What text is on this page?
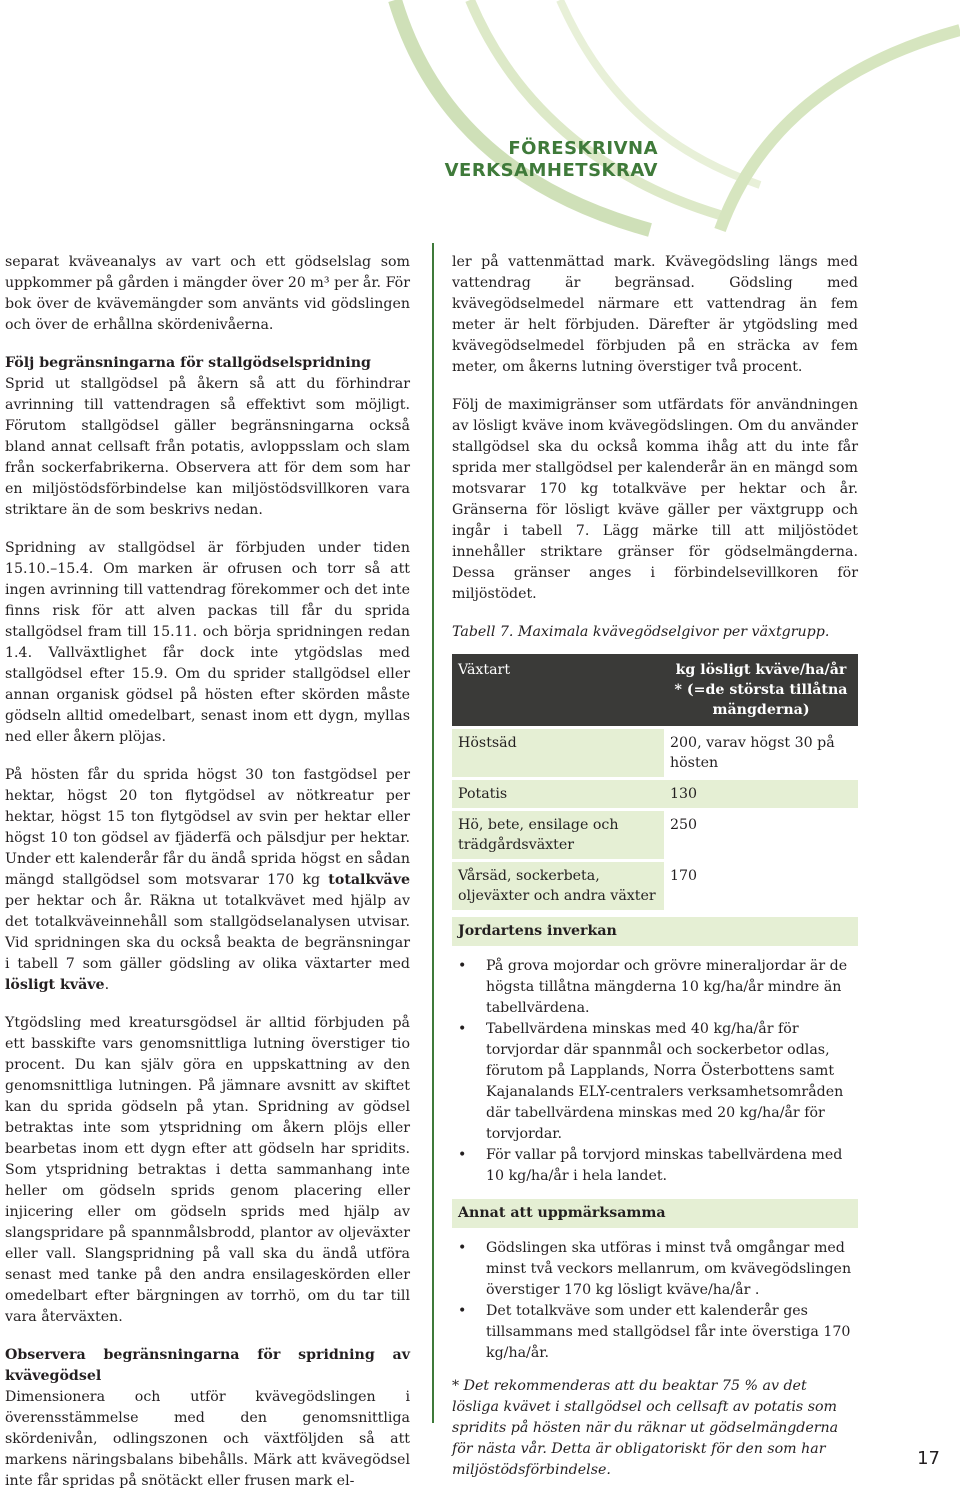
FÖRESKRIVNA
VERKSAMHETSKRAV

separat kväveanalys av vart och ett gödselslag som uppkommer på gården i mängder över 20 m³ per år. För bok över de kvävemängder som använts vid gödslingen och över de erhållna skördenivåerna.

Följ begränsningarna för stallgödselspridning
Sprid ut stallgödsel på åkern så att du förhindrar avrinning till vattendragen så effektivt som möjligt. Förutom stallgödsel gäller begränsningarna också bland annat cellsaft från potatis, avloppsslam och slam från sockerfabrikerna. Observera att för dem som har en miljöstödsförbindelse kan miljöstödsvillkoren vara striktare än de som beskrivs nedan.

Spridning av stallgödsel är förbjuden under tiden 15.10.–15.4. Om marken är ofrusen och torr så att ingen avrinning till vattendrag förekommer och det inte finns risk för att alven packas till får du sprida stallgödsel fram till 15.11. och börja spridningen redan 1.4. Vallväxtlighet får dock inte ytgödslas med stallgödsel efter 15.9. Om du sprider stallgödsel eller annan organisk gödsel på hösten efter skörden måste gödseln alltid omedelbart, senast inom ett dygn, myllas ned eller åkern plöjas.

På hösten får du sprida högst 30 ton fastgödsel per hektar, högst 20 ton flytgödsel av nötkreatur per hektar, högst 15 ton flytgödsel av svin per hektar eller högst 10 ton gödsel av fjäderfä och pälsdjur per hektar. Under ett kalenderår får du ändå sprida högst en sådan mängd stallgödsel som motsvarar 170 kg totalkväve per hektar och år. Räkna ut totalkvävet med hjälp av det totalkväveinnehåll som stallgödselanalysen utvisar. Vid spridningen ska du också beakta de begränsningar i tabell 7 som gäller gödsling av olika växtarter med lösligt kväve.

Ytgödsling med kreatursgödsel är alltid förbjuden på ett basskifte vars genomsnittliga lutning överstiger tio procent. Du kan själv göra en uppskattning av den genomsnittliga lutningen. På jämnare avsnitt av skiftet kan du sprida gödseln på ytan. Spridning av gödsel betraktas inte som ytspridning om åkern plöjs eller bearbetas inom ett dygn efter att gödseln har spridits. Som ytspridning betraktas i detta sammanhang inte heller om gödseln sprids genom placering eller injicering eller om gödseln sprids med hjälp av slangspridare på spannmålsbrodd, plantor av oljeväxter eller vall. Slangspridning på vall ska du ändå utföra senast med tanke på den andra ensilageskörden eller omedelbart efter bärgningen av torrhö, om du tar till vara återväxten.

Observera begränsningarna för spridning av kvävegödsel
Dimensionera och utför kvävegödslingen i överensstämmelse med den genomsnittliga skördenivån, odlingszonen och växtföljden så att markens näringsbalans bibehålls. Märk att kvävegödsel inte får spridas på snötäckt eller frusen mark el-

ler på vattenmättad mark. Kvävegödsling längs med vattendrag är begränsad. Gödsling med kvävegödselmedel närmare ett vattendrag än fem meter är helt förbjuden. Därefter är ytgödsling med kvävegödselmedel förbjuden på en sträcka av fem meter, om åkerns lutning överstiger två procent.

Följ de maximigränser som utfärdats för användningen av lösligt kväve inom kvävegödslingen. Om du använder stallgödsel ska du också komma ihåg att du inte får sprida mer stallgödsel per kalenderår än en mängd som motsvarar 170 kg totalkväve per hektar och år. Gränserna för lösligt kväve gäller per växtgrupp och ingår i tabell 7. Lägg märke till att miljöstödet innehåller striktare gränser för gödselmängderna. Dessa gränser anges i förbindelsevillkoren för miljöstödet.

Tabell 7. Maximala kvävegödselgivor per växtgrupp.
Växtart	kg lösligt kväve/ha/år * (=de största tillåtna mängderna)
Höstsäd	200, varav högst 30 på hösten
Potatis	130
Hö, bete, ensilage och trädgårdsväxter	250
Vårsäd, sockerbeta, oljeväxter och andra växter	170
Jordartens inverkan
• På grova mojordar och grövre mineraljordar är de högsta tillåtna mängderna 10 kg/ha/år mindre än tabellvärdena.
• Tabellvärdena minskas med 40 kg/ha/år för torvjordar där spannmål och sockerbetor odlas, förutom på Lapplands, Norra Österbottens samt Kajanalands ELY-centralers verksamhetsområden där tabellvärdena minskas med 20 kg/ha/år för torvjordar.
• För vallar på torvjord minskas tabellvärdena med 10 kg/ha/år i hela landet.
Annat att uppmärksamma
• Gödslingen ska utföras i minst två omgångar med minst två veckors mellanrum, om kvävegödslingen överstiger 170 kg lösligt kväve/ha/år .
• Det totalkväve som under ett kalenderår ges tillsammans med stallgödsel får inte överstiga 170 kg/ha/år.
* Det rekommenderas att du beaktar 75 % av det lösliga kvävet i stallgödsel och cellsaft av potatis som spridits på hösten när du räknar ut gödselmängderna för nästa vår. Detta är obligatoriskt för den som har miljöstödsförbindelse.
17
